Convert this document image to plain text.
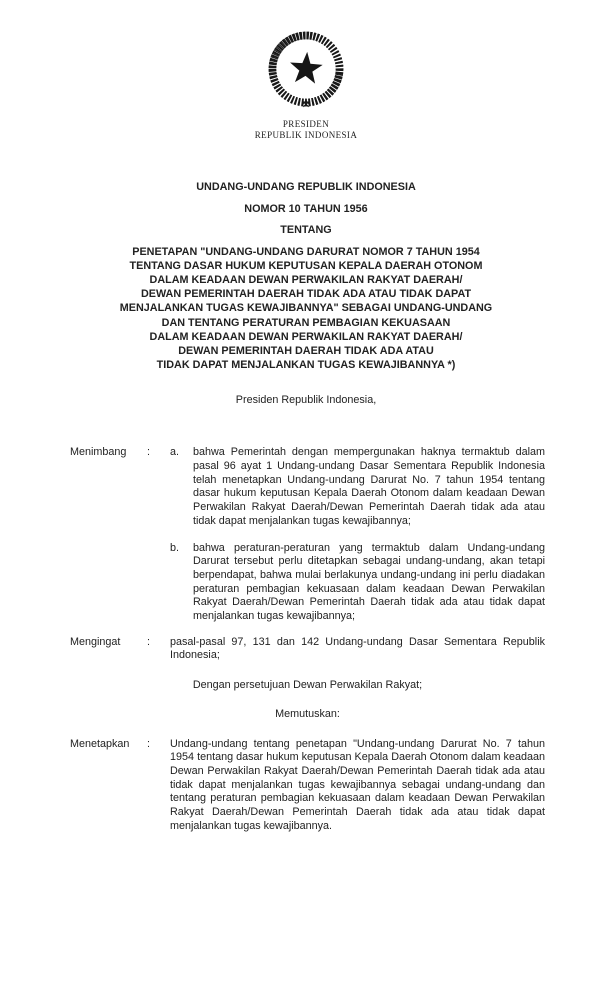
PRESIDEN
REPUBLIK INDONESIA

UNDANG-UNDANG REPUBLIK INDONESIA

NOMOR 10 TAHUN 1956

TENTANG

PENETAPAN "UNDANG-UNDANG DARURAT NOMOR 7 TAHUN 1954

TENTANG DASAR HUKUM KEPUTUSAN KEPALA DAERAH OTONOM

DALAM KEADAAN DEWAN PERWAKILAN RAKYAT DAERAH/

DEWAN PEMERINTAH DAERAH TIDAK ADA ATAU TIDAK DAPAT

MENJALANKAN TUGAS KEWAJIBANNYA" SEBAGAI UNDANG-UNDANG

DAN TENTANG PERATURAN PEMBAGIAN KEKUASAAN

DALAM KEADAAN DEWAN PERWAKILAN RAKYAT DAERAH/

DEWAN PEMERINTAH DAERAH TIDAK ADA ATAU

TIDAK DAPAT MENJALANKAN TUGAS KEWAJIBANNYA *)

Presiden Republik Indonesia,
Menimbang	:	a.	bahwa Pemerintah dengan mempergunakan haknya termaktub dalam pasal 96 ayat 1 Undang-undang Dasar Sementara Republik Indonesia telah menetapkan Undang-undang Darurat No. 7 tahun 1954 tentang dasar hukum keputusan Kepala Daerah Otonom dalam keadaan Dewan Perwakilan Rakyat Daerah/Dewan Pemerintah Daerah tidak ada atau tidak dapat menjalankan tugas kewajibannya;
b.	bahwa peraturan-peraturan yang termaktub dalam Undang-undang Darurat tersebut perlu ditetapkan sebagai undang-undang, akan tetapi berpendapat, bahwa mulai berlakunya undang-undang ini perlu diadakan peraturan pembagian kekuasaan dalam keadaan Dewan Perwakilan Rakyat Daerah/Dewan Pemerintah Daerah tidak ada atau tidak dapat menjalankan tugas kewajibannya;
Mengingat	:	pasal-pasal 97, 131 dan 142 Undang-undang Dasar Sementara Republik Indonesia;
Dengan persetujuan Dewan Perwakilan Rakyat;
Memutuskan:
Menetapkan	:	Undang-undang tentang penetapan "Undang-undang Darurat No. 7 tahun 1954 tentang dasar hukum keputusan Kepala Daerah Otonom dalam keadaan Dewan Perwakilan Rakyat Daerah/Dewan Pemerintah Daerah tidak ada atau tidak dapat menjalankan tugas kewajibannya sebagai undang-undang dan tentang peraturan pembagian kekuasaan dalam keadaan Dewan Perwakilan Rakyat Daerah/Dewan Pemerintah Daerah tidak ada atau tidak dapat menjalankan tugas kewajibannya.
